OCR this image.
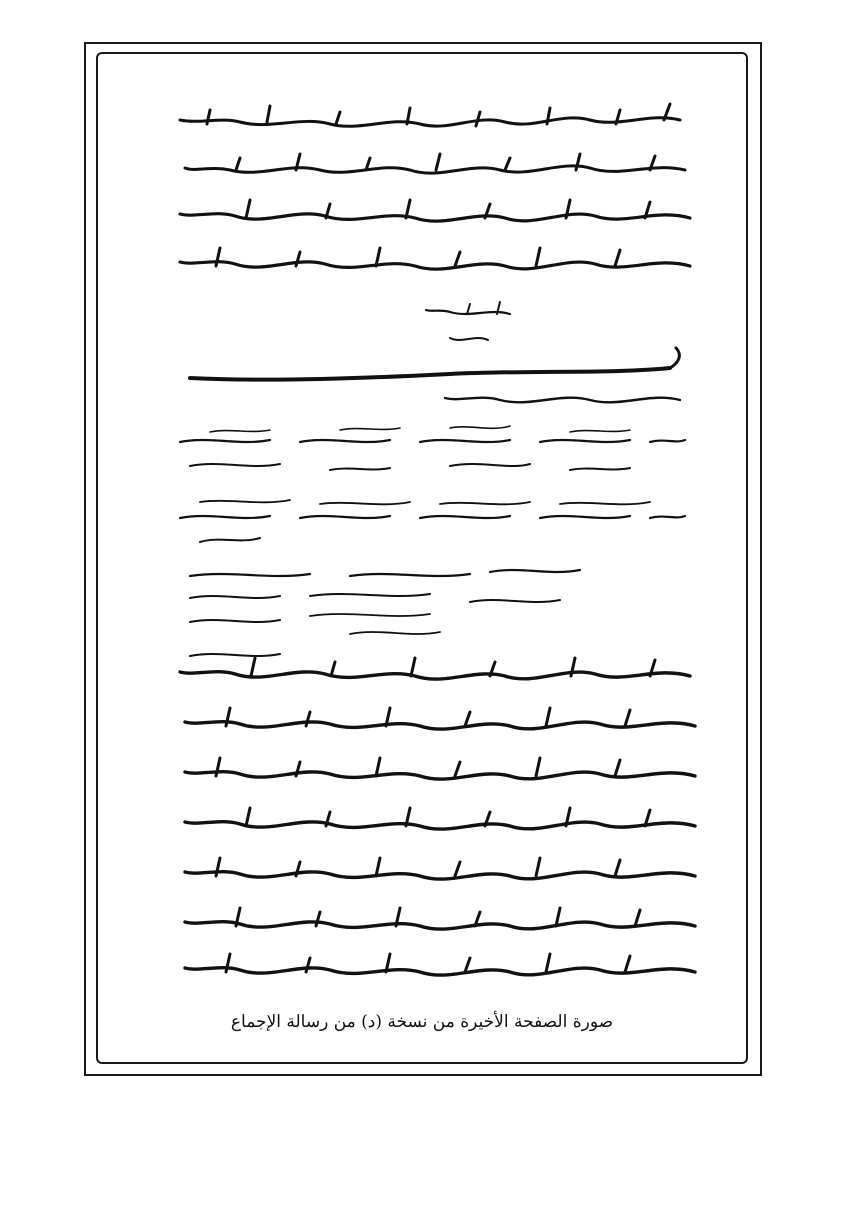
صورة الصفحة الأخيرة من نسخة (د) من رسالة الإجماع
